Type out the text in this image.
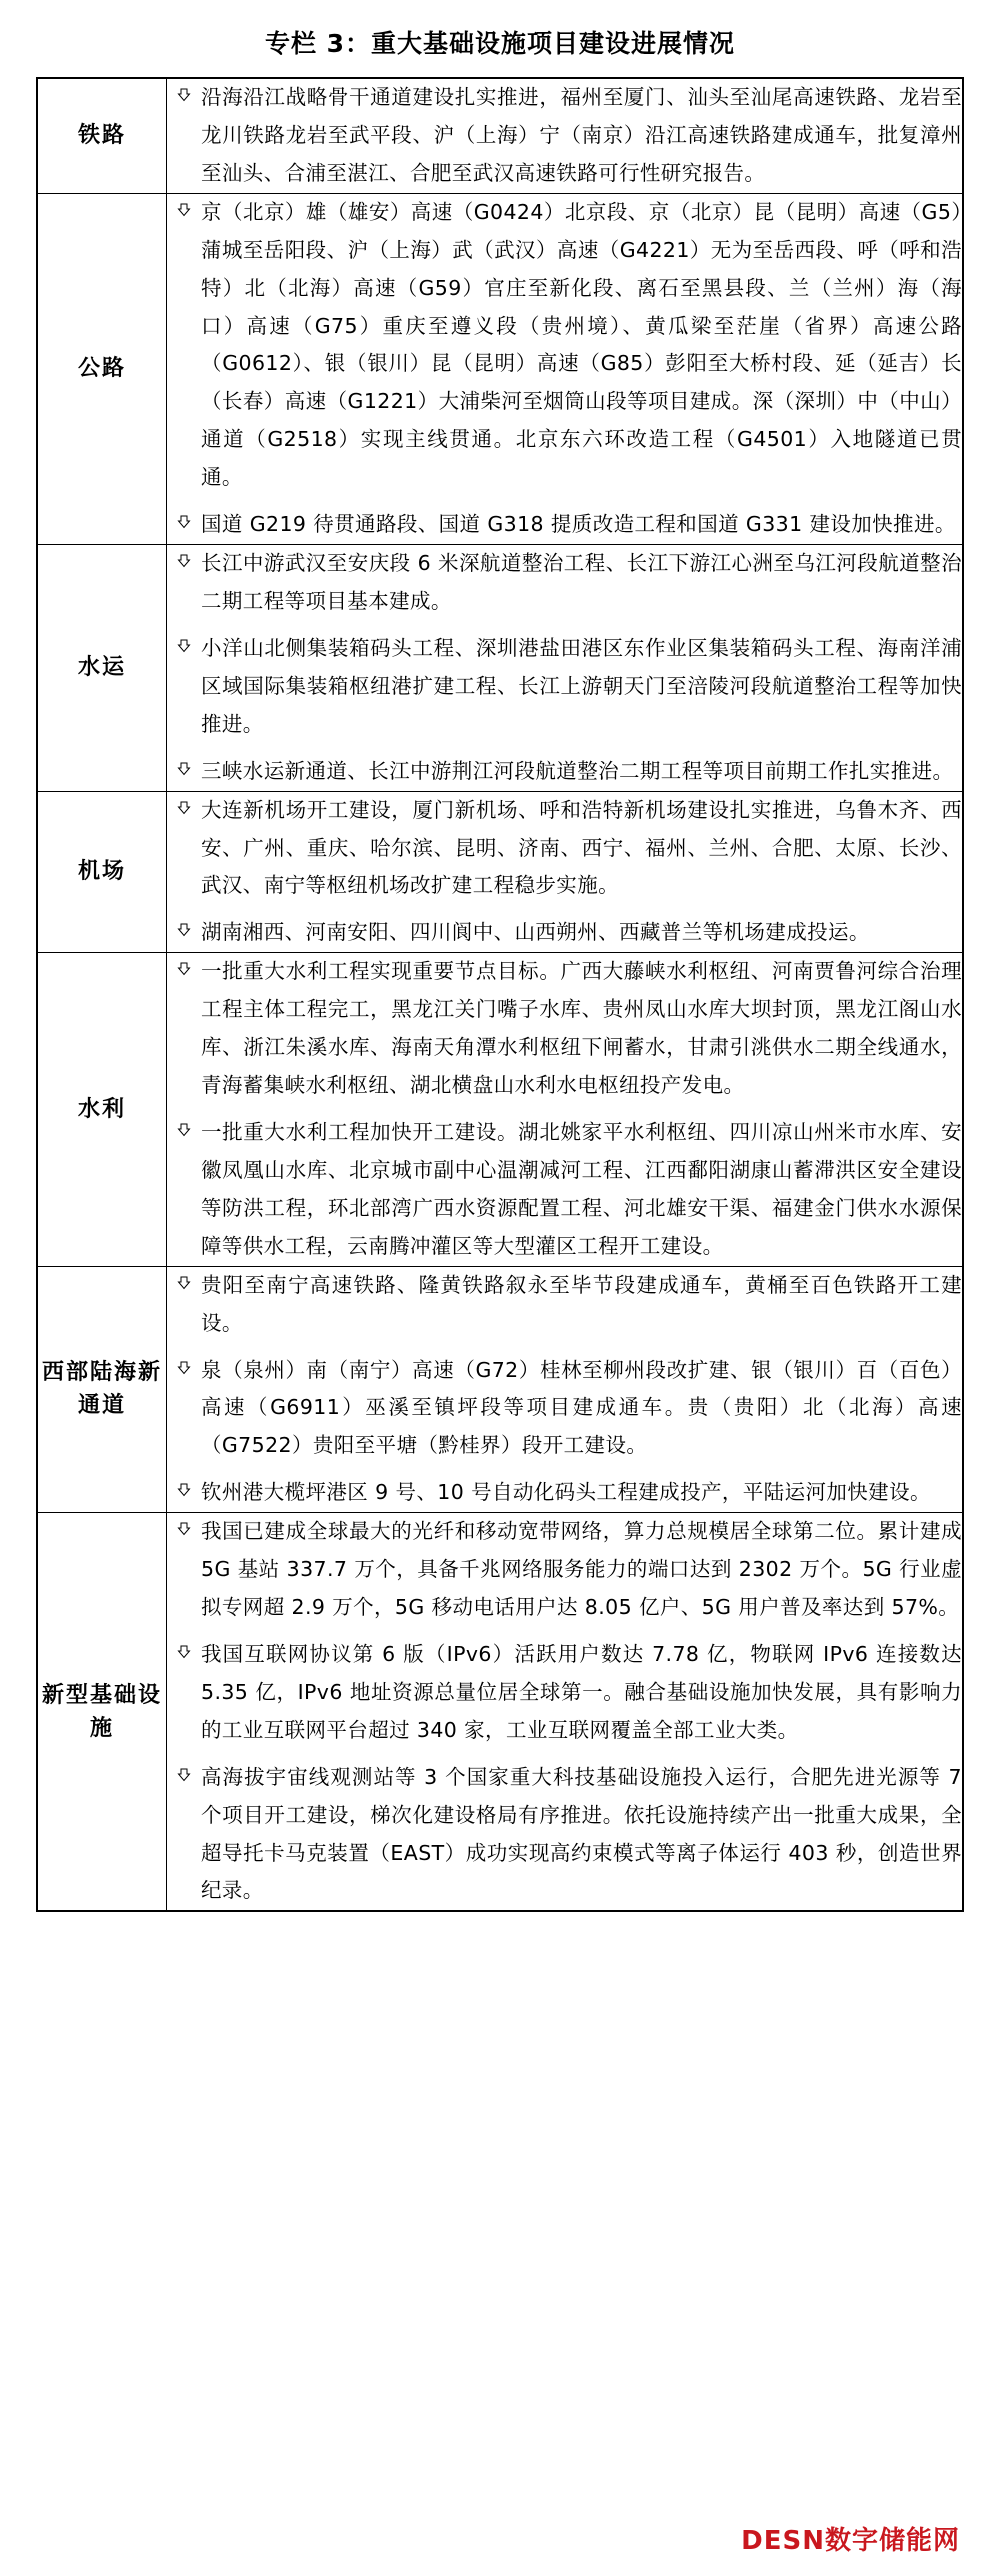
专栏 3：重大基础设施项目建设进展情况
铁路	
沿海沿江战略骨干通道建设扎实推进，福州至厦门、汕头至汕尾高速铁路、龙岩至龙川铁路龙岩至武平段、沪（上海）宁（南京）沿江高速铁路建成通车，批复漳州至汕头、合浦至湛江、合肥至武汉高速铁路可行性研究报告。

公路	
京（北京）雄（雄安）高速（G0424）北京段、京（北京）昆（昆明）高速（G5）蒲城至岳阳段、沪（上海）武（武汉）高速（G4221）无为至岳西段、呼（呼和浩特）北（北海）高速（G59）官庄至新化段、离石至黑县段、兰（兰州）海（海口）高速（G75）重庆至遵义段（贵州境）、黄瓜梁至茫崖（省界）高速公路（G0612）、银（银川）昆（昆明）高速（G85）彭阳至大桥村段、延（延吉）长（长春）高速（G1221）大浦柴河至烟筒山段等项目建成。深（深圳）中（中山）通道（G2518）实现主线贯通。北京东六环改造工程（G4501）入地隧道已贯通。
国道 G219 待贯通路段、国道 G318 提质改造工程和国道 G331 建设加快推进。

水运	
长江中游武汉至安庆段 6 米深航道整治工程、长江下游江心洲至乌江河段航道整治二期工程等项目基本建成。
小洋山北侧集装箱码头工程、深圳港盐田港区东作业区集装箱码头工程、海南洋浦区域国际集装箱枢纽港扩建工程、长江上游朝天门至涪陵河段航道整治工程等加快推进。
三峡水运新通道、长江中游荆江河段航道整治二期工程等项目前期工作扎实推进。

机场	
大连新机场开工建设，厦门新机场、呼和浩特新机场建设扎实推进，乌鲁木齐、西安、广州、重庆、哈尔滨、昆明、济南、西宁、福州、兰州、合肥、太原、长沙、武汉、南宁等枢纽机场改扩建工程稳步实施。
湖南湘西、河南安阳、四川阆中、山西朔州、西藏普兰等机场建成投运。

水利	
一批重大水利工程实现重要节点目标。广西大藤峡水利枢纽、河南贾鲁河综合治理工程主体工程完工，黑龙江关门嘴子水库、贵州凤山水库大坝封顶，黑龙江阁山水库、浙江朱溪水库、海南天角潭水利枢纽下闸蓄水，甘肃引洮供水二期全线通水，青海蓄集峡水利枢纽、湖北横盘山水利水电枢纽投产发电。
一批重大水利工程加快开工建设。湖北姚家平水利枢纽、四川凉山州米市水库、安徽凤凰山水库、北京城市副中心温潮减河工程、江西鄱阳湖康山蓄滞洪区安全建设等防洪工程，环北部湾广西水资源配置工程、河北雄安干渠、福建金门供水水源保障等供水工程，云南腾冲灌区等大型灌区工程开工建设。

西部陆海新通道	
贵阳至南宁高速铁路、隆黄铁路叙永至毕节段建成通车，黄桶至百色铁路开工建设。
泉（泉州）南（南宁）高速（G72）桂林至柳州段改扩建、银（银川）百（百色）高速（G6911）巫溪至镇坪段等项目建成通车。贵（贵阳）北（北海）高速（G7522）贵阳至平塘（黔桂界）段开工建设。
钦州港大榄坪港区 9 号、10 号自动化码头工程建成投产，平陆运河加快建设。

新型基础设施	
我国已建成全球最大的光纤和移动宽带网络，算力总规模居全球第二位。累计建成 5G 基站 337.7 万个，具备千兆网络服务能力的端口达到 2302 万个。5G 行业虚拟专网超 2.9 万个，5G 移动电话用户达 8.05 亿户、5G 用户普及率达到 57%。
我国互联网协议第 6 版（IPv6）活跃用户数达 7.78 亿，物联网 IPv6 连接数达 5.35 亿，IPv6 地址资源总量位居全球第一。融合基础设施加快发展，具有影响力的工业互联网平台超过 340 家，工业互联网覆盖全部工业大类。
高海拔宇宙线观测站等 3 个国家重大科技基础设施投入运行，合肥先进光源等 7 个项目开工建设，梯次化建设格局有序推进。依托设施持续产出一批重大成果，全超导托卡马克装置（EAST）成功实现高约束模式等离子体运行 403 秒，创造世界纪录。
DESN数字储能网
